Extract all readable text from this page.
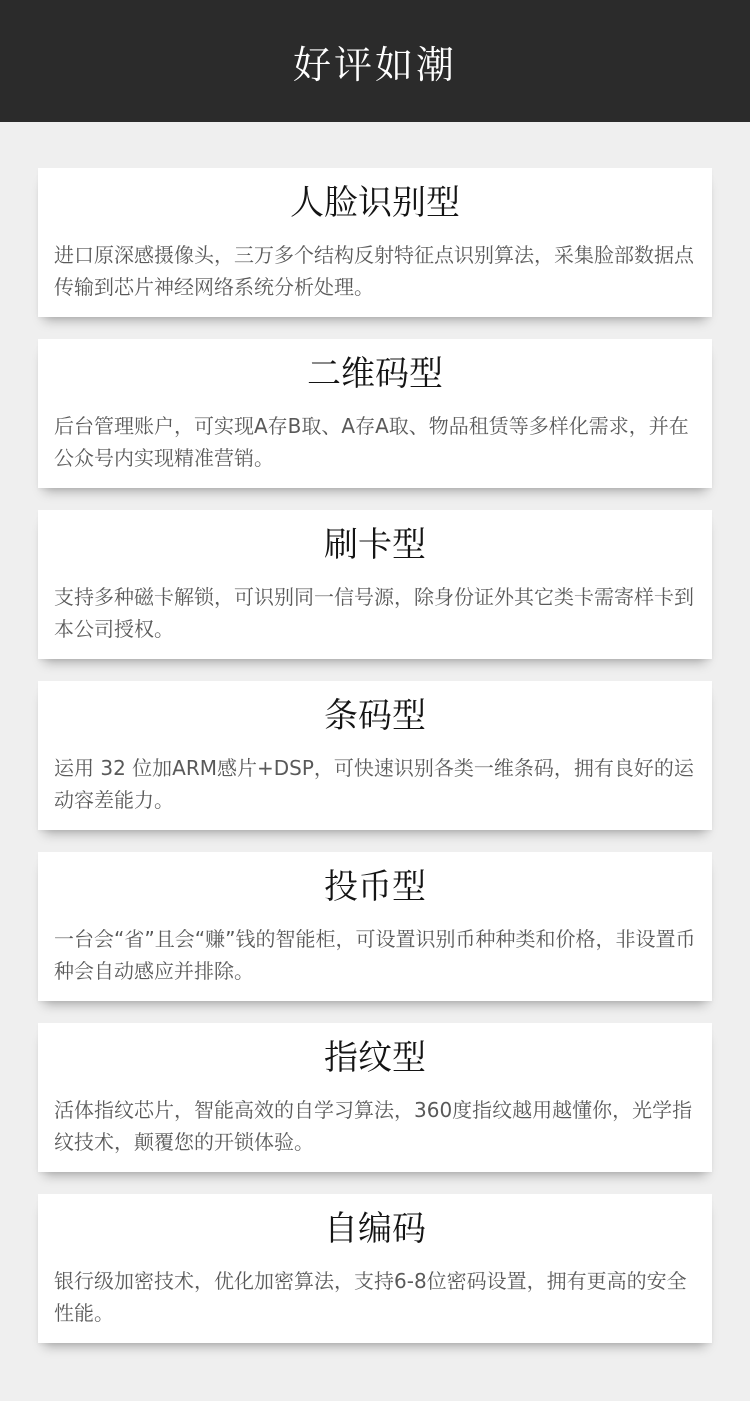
好评如潮
人脸识别型

进口原深感摄像头，三万多个结构反射特征点识别算法，采集脸部数据点传输到芯片神经网络系统分析处理。

二维码型

后台管理账户，可实现A存B取、A存A取、物品租赁等多样化需求，并在公众号内实现精准营销。

刷卡型

支持多种磁卡解锁，可识别同一信号源，除身份证外其它类卡需寄样卡到本公司授权。

条码型

运用 32 位加ARM感片+DSP，可快速识别各类一维条码，拥有良好的运动容差能力。

投币型

一台会“省”且会“赚”钱的智能柜，可设置识别币种种类和价格，非设置币种会自动感应并排除。

指纹型

活体指纹芯片，智能高效的自学习算法，360度指纹越用越懂你，光学指纹技术，颠覆您的开锁体验。

自编码

银行级加密技术，优化加密算法，支持6-8位密码设置，拥有更高的安全性能。
